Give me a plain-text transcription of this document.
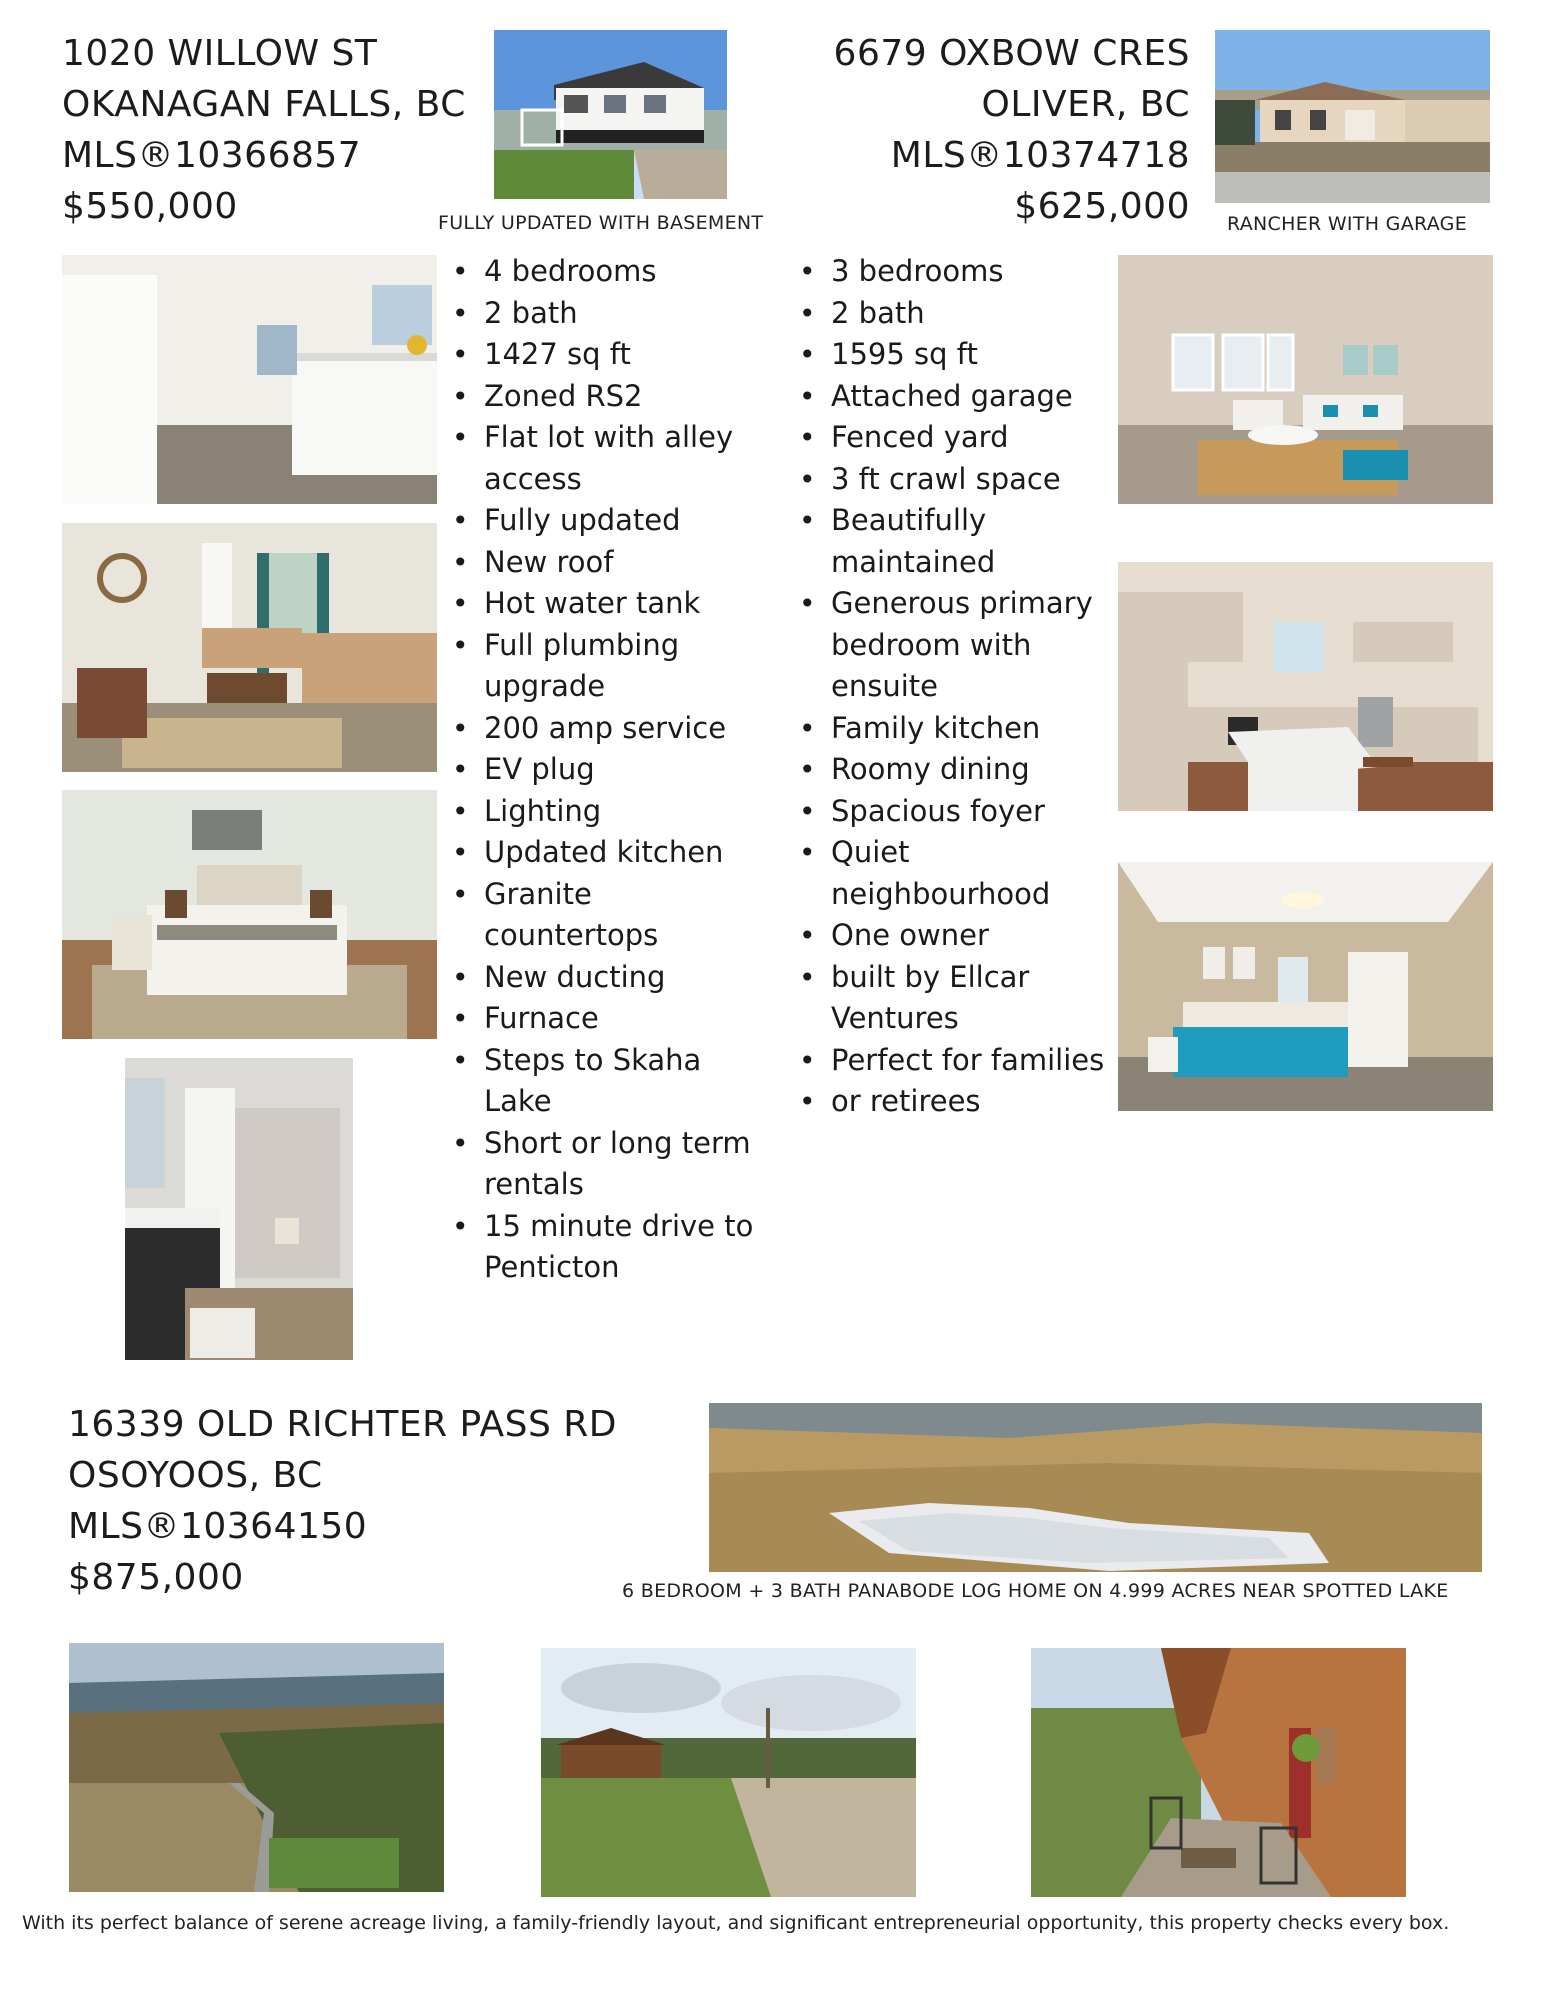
1020 WILLOW ST
OKANAGAN FALLS, BC
MLS®10366857
$550,000	FULLY UPDATED WITH BASEMENT
6679 OXBOW CRES
OLIVER, BC
MLS®10374718
$625,000 RANCHER WITH GARAGE
• 4 bedrooms
• 2 bath
• 1427 sq ft
• Zoned RS2
• Flat lot with alley
access
• Fully updated
• New roof
• Hot water tank
• Full plumbing
upgrade
• 200 amp service
• EV plug
• Lighting
• Updated kitchen
• Granite
countertops
• New ducting
• Furnace
• Steps to Skaha
Lake
• Short or long term
rentals
• 15 minute drive to
Penticton
• 3 bedrooms
• 2 bath
• 1595 sq ft
• Attached garage
• Fenced yard
• 3 ft crawl space
• Beautifully
maintained
• Generous primary
bedroom with
ensuite
• Family kitchen
• Roomy dining
• Spacious foyer
• Quiet
neighbourhood
• One owner
• built by Ellcar
Ventures
• Perfect for families
• or retirees
16339 OLD RICHTER PASS RD
OSOYOOS, BC
MLS®10364150
$875,000	6 BEDROOM + 3 BATH PANABODE LOG HOME ON 4.999 ACRES NEAR SPOTTED LAKE
With its perfect balance of serene acreage living, a family-friendly layout, and significant entrepreneurial opportunity, this property checks every box.
